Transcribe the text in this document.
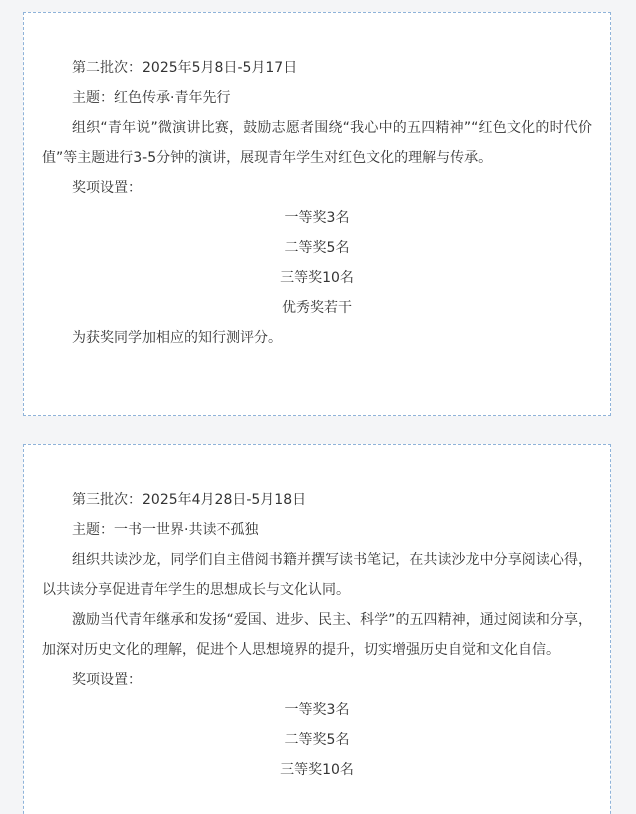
第二批次：2025年5月8日-5月17日

主题：红色传承·青年先行

组织“青年说”微演讲比赛，鼓励志愿者围绕“我心中的五四精神”“红色文化的时代价值”等主题进行3-5分钟的演讲，展现青年学生对红色文化的理解与传承。

奖项设置：

一等奖3名

二等奖5名

三等奖10名

优秀奖若干

为获奖同学加相应的知行测评分。

第三批次：2025年4月28日-5月18日

主题：一书一世界·共读不孤独

组织共读沙龙，同学们自主借阅书籍并撰写读书笔记，在共读沙龙中分享阅读心得，以共读分享促进青年学生的思想成长与文化认同。

激励当代青年继承和发扬“爱国、进步、民主、科学”的五四精神，通过阅读和分享，加深对历史文化的理解，促进个人思想境界的提升，切实增强历史自觉和文化自信。

奖项设置：

一等奖3名

二等奖5名

三等奖10名
